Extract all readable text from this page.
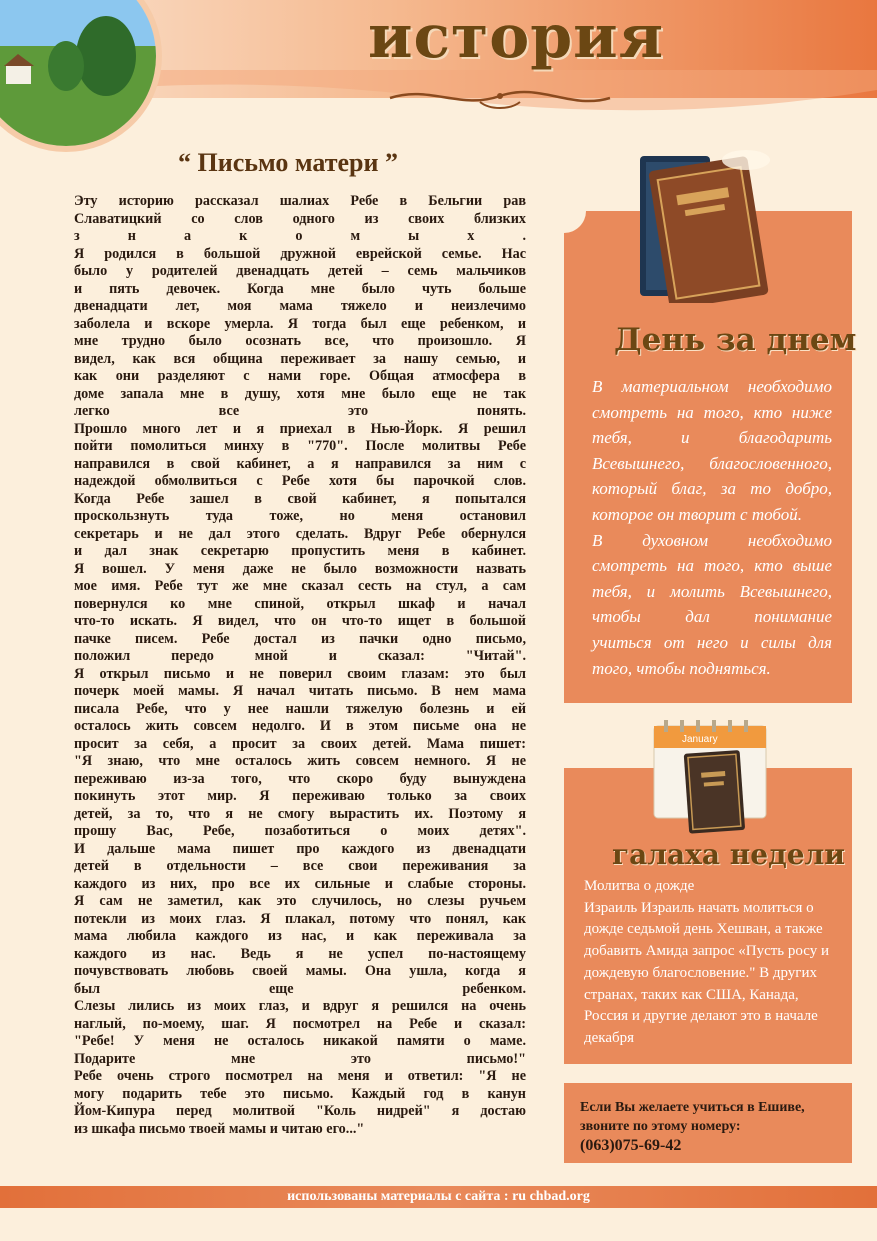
история
“ Письмо матери ”

Эту историю рассказал шалиах Ребе в Бельгии рав

Славатицкий со слов одного из своих близких

з н а к о м ы х .

Я родился в большой дружной еврейской семье. Нас

было у родителей двенадцать детей – семь мальчиков

и пять девочек. Когда мне было чуть больше

двенадцати лет, моя мама тяжело и неизлечимо

заболела и вскоре умерла. Я тогда был еще ребенком, и

мне трудно было осознать все, что произошло. Я

видел, как вся община переживает за нашу семью, и

как они разделяют с нами горе. Общая атмосфера в

доме запала мне в душу, хотя мне было еще не так

легко все это понять.

Прошло много лет и я приехал в Нью-Йорк. Я решил

пойти помолиться минху в "770". После молитвы Ребе

направился в свой кабинет, а я направился за ним с

надеждой обмолвиться с Ребе хотя бы парочкой слов.

Когда Ребе зашел в свой кабинет, я попытался

проскользнуть туда тоже, но меня остановил

секретарь и не дал этого сделать. Вдруг Ребе обернулся

и дал знак секретарю пропустить меня в кабинет.

Я вошел. У меня даже не было возможности назвать

мое имя. Ребе тут же мне сказал сесть на стул, а сам

повернулся ко мне спиной, открыл шкаф и начал

что-то искать. Я видел, что он что-то ищет в большой

пачке писем. Ребе достал из пачки одно письмо,

положил передо мной и сказал: "Читай".

Я открыл письмо и не поверил своим глазам: это был

почерк моей мамы. Я начал читать письмо. В нем мама

писала Ребе, что у нее нашли тяжелую болезнь и ей

осталось жить совсем недолго. И в этом письме она не

просит за себя, а просит за своих детей. Мама пишет:

"Я знаю, что мне осталось жить совсем немного. Я не

переживаю из-за того, что скоро буду вынуждена

покинуть этот мир. Я переживаю только за своих

детей, за то, что я не смогу вырастить их. Поэтому я

прошу Вас, Ребе, позаботиться о моих детях".

И дальше мама пишет про каждого из двенадцати

детей в отдельности – все свои переживания за

каждого из них, про все их сильные и слабые стороны.

Я сам не заметил, как это случилось, но слезы ручьем

потекли из моих глаз. Я плакал, потому что понял, как

мама любила каждого из нас, и как переживала за

каждого из нас. Ведь я не успел по-настоящему

почувствовать любовь своей мамы. Она ушла, когда я

был еще ребенком.

Слезы лились из моих глаз, и вдруг я решился на очень

наглый, по-моему, шаг. Я посмотрел на Ребе и сказал:

"Ребе! У меня не осталось никакой памяти о маме.

Подарите мне это письмо!"

Ребе очень строго посмотрел на меня и ответил: "Я не

могу подарить тебе это письмо. Каждый год в канун

Йом-Кипура перед молитвой "Коль нидрей" я достаю

из шкафа письмо твоей мамы и читаю его..."

День за днем

В материальном необходимо

смотреть на того, кто ниже

тебя, и благодарить

Всевышнего, благословенного,

который благ, за то добро,

которое он творит с тобой.

В духовном необходимо

смотреть на того, кто выше

тебя, и молить Всевышнего,

чтобы дал понимание

учиться от него и силы для

того, чтобы подняться.

January
галаха недели
Молитва о дожде
Израиль Израиль начать молиться о
дожде седьмой день Хешван, а также
добавить Амида запрос «Пусть росу и
дождевую благословение." В других
странах, таких как США, Канада,
Россия и другие делают это в начале
декабря
Если Вы желаете учиться в Ешиве,
звоните по этому номеру:
(063)075-69-42
использованы материалы с сайта : ru chbad.org
